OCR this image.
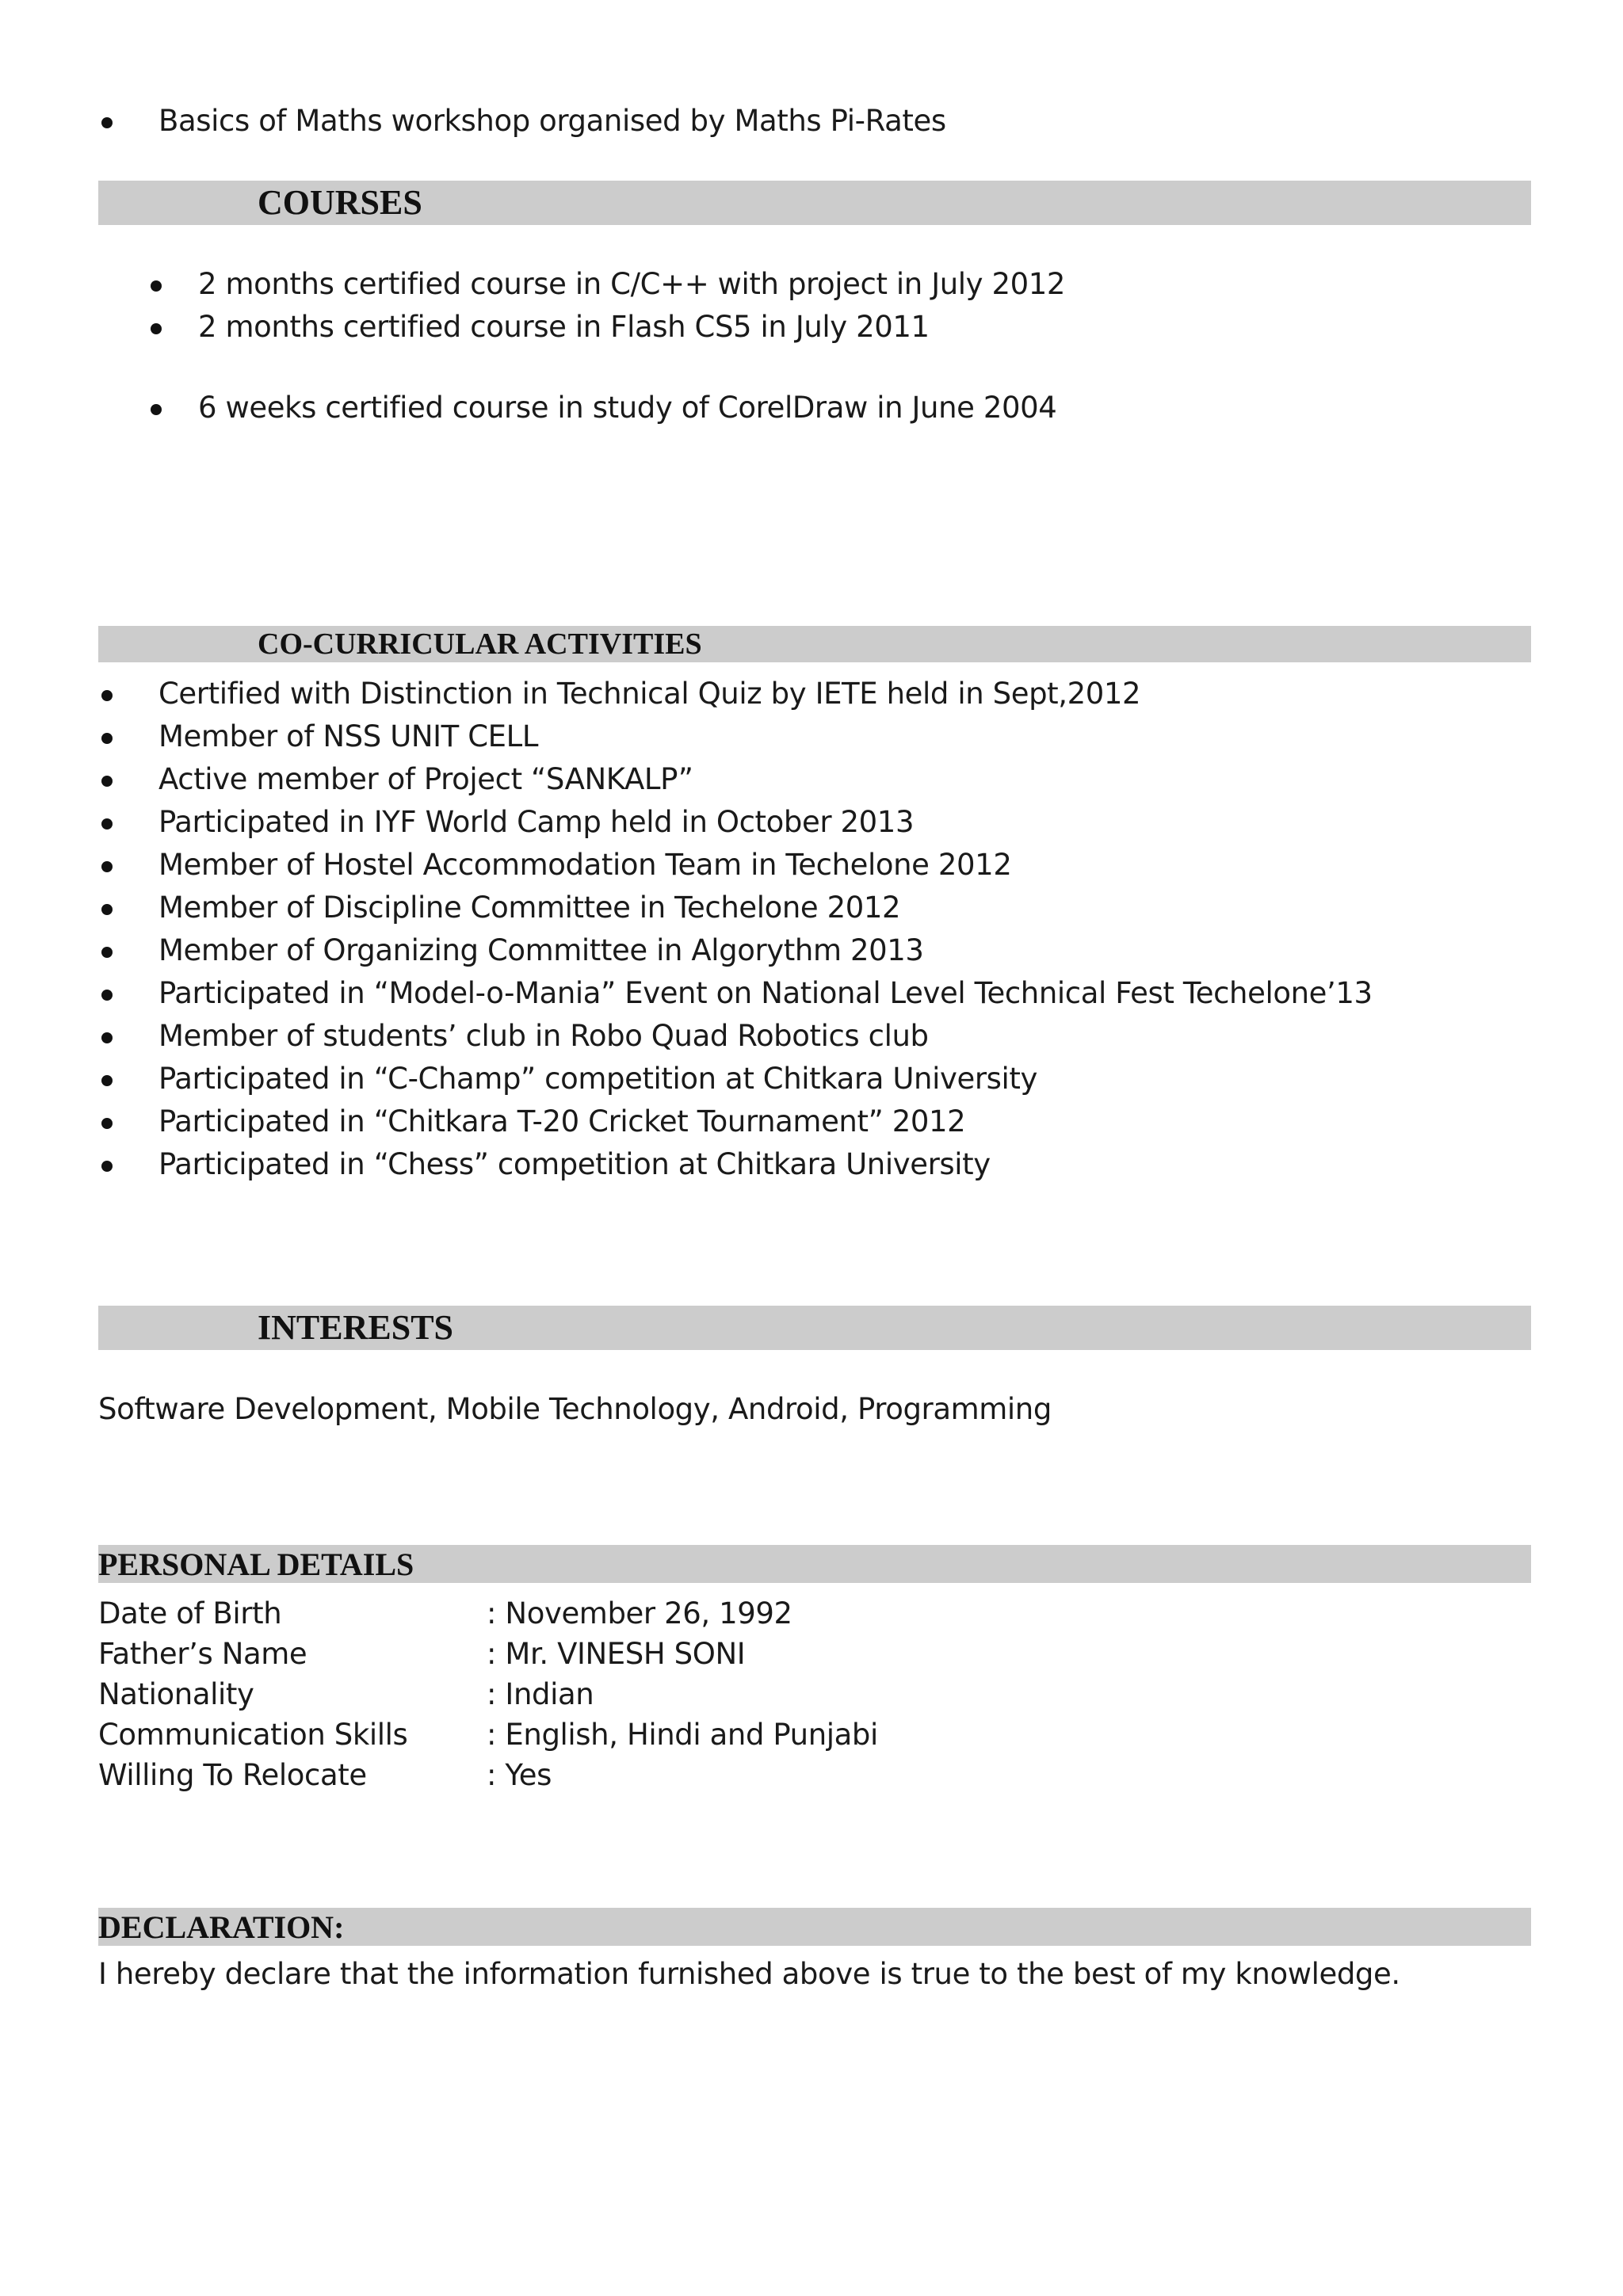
Basics of Maths workshop organised by Maths Pi-Rates
COURSES
2 months certified course in C/C++ with project in July 2012
2 months certified course in Flash CS5 in July 2011
6 weeks certified course in study of CorelDraw in June 2004
CO-CURRICULAR ACTIVITIES
Certified with Distinction in Technical Quiz by IETE held in Sept,2012
Member of NSS UNIT CELL
Active member of Project “SANKALP”
Participated in IYF World Camp held in October 2013
Member of Hostel Accommodation Team in Techelone 2012
Member of Discipline Committee in Techelone 2012
Member of Organizing Committee in Algorythm 2013
Participated in “Model-o-Mania” Event on National Level Technical Fest Techelone’13
Member of students’ club in Robo Quad Robotics club
Participated in “C-Champ” competition at Chitkara University
Participated in “Chitkara T-20 Cricket Tournament” 2012
Participated in “Chess” competition at Chitkara University
INTERESTS
Software Development, Mobile Technology, Android, Programming
PERSONAL DETAILS
Date of Birth	: November 26, 1992
Father’s Name	: Mr. VINESH SONI
Nationality	: Indian
Communication Skills	: English, Hindi and Punjabi
Willing To Relocate	: Yes
DECLARATION:
I hereby declare that the information furnished above is true to the best of my knowledge.
